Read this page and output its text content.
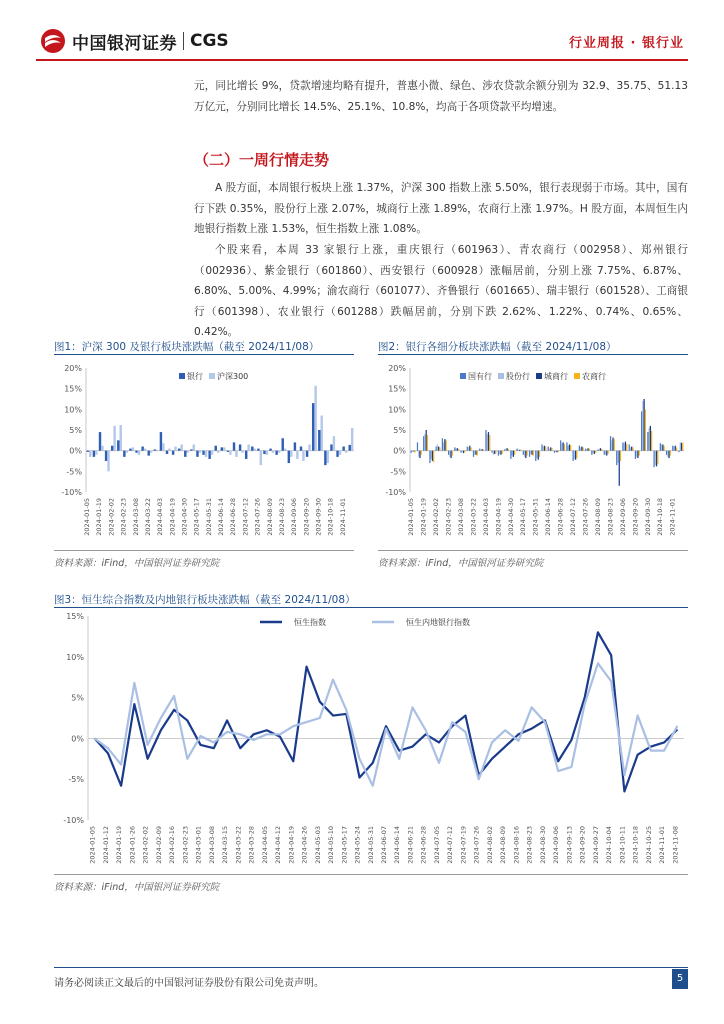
中国银河证券 CGS	行业周报 · 银行业

元，同比增长 9%，贷款增速均略有提升，普惠小微、绿色、涉农贷款余额分别为 32.9、35.75、51.13 万亿元，分别同比增长 14.5%、25.1%、10.8%，均高于各项贷款平均增速。

（二）一周行情走势

A 股方面，本周银行板块上涨 1.37%，沪深 300 指数上涨 5.50%，银行表现弱于市场。其中，国有行下跌 0.35%，股份行上涨 2.07%，城商行上涨 1.89%，农商行上涨 1.97%。H 股方面，本周恒生内地银行指数上涨 1.53%，恒生指数上涨 1.08%。

个股来看，本周 33 家银行上涨，重庆银行（601963）、青农商行（002958）、郑州银行（002936）、紫金银行（601860）、西安银行（600928）涨幅居前，分别上涨 7.75%、6.87%、6.80%、5.00%、4.99%；渝农商行（601077）、齐鲁银行（601665）、瑞丰银行（601528）、工商银行（601398）、农业银行（601288）跌幅居前，分别下跌 2.62%、1.22%、0.74%、0.65%、0.42%。

图1：沪深 300 及银行板块涨跌幅（截至 2024/11/08）
20%
15%
10%
5%
0%
-5%
-10%
2024-01-05 2024-01-19 2024-02-02 2024-02-23 2024-03-08 2024-03-22 2024-04-03 2024-04-19 2024-04-30 2024-05-17 2024-05-31 2024-06-14 2024-06-28 2024-07-12 2024-07-26 2024-08-09 2024-08-23 2024-09-06 2024-09-20 2024-09-30 2024-10-18 2024-11-01
银行 沪深300
资料来源：iFind，中国银河证券研究院
图2：银行各细分板块涨跌幅（截至 2024/11/08）
20%
15%
10%
5%
0%
-5%
-10%
2024-01-05 2024-01-19 2024-02-02 2024-02-23 2024-03-08 2024-03-22 2024-04-03 2024-04-19 2024-04-30 2024-05-17 2024-05-31 2024-06-14 2024-06-28 2024-07-12 2024-07-26 2024-08-09 2024-08-23 2024-09-06 2024-09-20 2024-09-30 2024-10-18 2024-11-01
国有行 股份行 城商行 农商行
资料来源：iFind，中国银河证券研究院
图3：恒生综合指数及内地银行板块涨跌幅（截至 2024/11/08）
15%
10%
5%
0%
-5%
-10%
2024-01-05 2024-01-12 2024-01-19 2024-01-26 2024-02-02 2024-02-09 2024-02-16 2024-02-23 2024-03-01 2024-03-08 2024-03-15 2024-03-22 2024-03-28 2024-04-05 2024-04-12 2024-04-19 2024-04-26 2024-05-03 2024-05-10 2024-05-17 2024-05-24 2024-05-31 2024-06-07 2024-06-14 2024-06-21 2024-06-28 2024-07-05 2024-07-12 2024-07-19 2024-07-26 2024-08-02 2024-08-09 2024-08-16 2024-08-23 2024-08-30 2024-09-06 2024-09-13 2024-09-20 2024-09-27 2024-10-04 2024-10-11 2024-10-18 2024-10-25 2024-11-01 2024-11-08
恒生指数	恒生内地银行指数
资料来源：iFind，中国银河证券研究院
请务必阅读正文最后的中国银河证券股份有限公司免责声明。	5
